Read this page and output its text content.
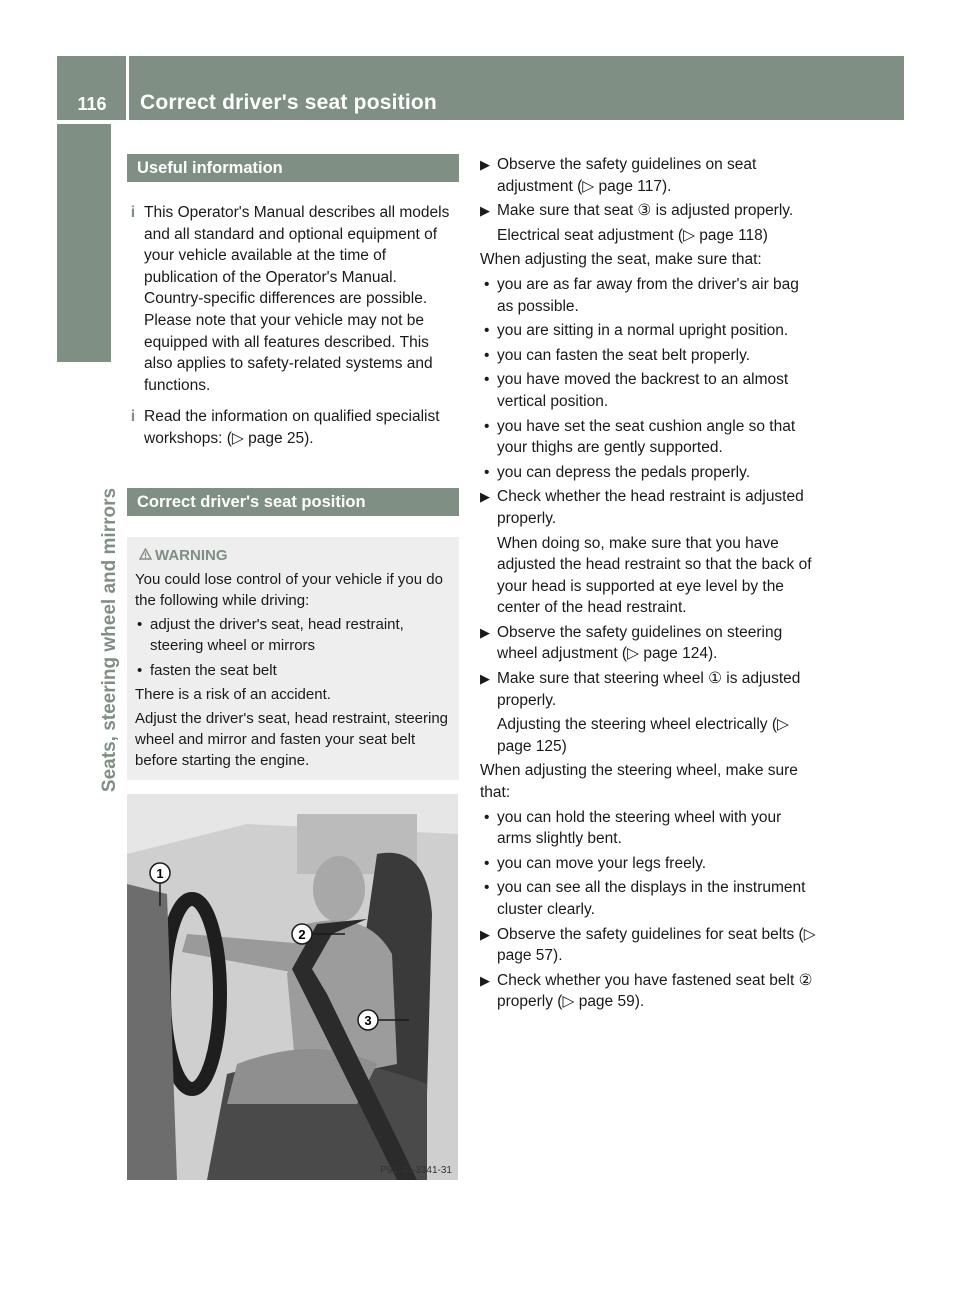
116	Correct driver's seat position
Seats, steering wheel and mirrors
Useful information
i This Operator's Manual describes all models and all standard and optional equipment of your vehicle available at the time of publication of the Operator's Manual. Country-specific differences are possible. Please note that your vehicle may not be equipped with all features described. This also applies to safety-related systems and functions.
i Read the information on qualified specialist workshops: (▷ page 25).
Correct driver's seat position
WARNING
You could lose control of your vehicle if you do the following while driving:
• adjust the driver's seat, head restraint, steering wheel or mirrors
• fasten the seat belt
There is a risk of an accident.
Adjust the driver's seat, head restraint, steering wheel and mirror and fasten your seat belt before starting the engine.
1
2
3
P91.40-3341-31
▶ Observe the safety guidelines on seat adjustment (▷ page 117).
▶ Make sure that seat ③ is adjusted properly.
Electrical seat adjustment (▷ page 118)
When adjusting the seat, make sure that:
• you are as far away from the driver's air bag as possible.
• you are sitting in a normal upright position.
• you can fasten the seat belt properly.
• you have moved the backrest to an almost vertical position.
• you have set the seat cushion angle so that your thighs are gently supported.
• you can depress the pedals properly.
▶ Check whether the head restraint is adjusted properly.
When doing so, make sure that you have adjusted the head restraint so that the back of your head is supported at eye level by the center of the head restraint.
▶ Observe the safety guidelines on steering wheel adjustment (▷ page 124).
▶ Make sure that steering wheel ① is adjusted properly.
Adjusting the steering wheel electrically (▷ page 125)
When adjusting the steering wheel, make sure that:
• you can hold the steering wheel with your arms slightly bent.
• you can move your legs freely.
• you can see all the displays in the instrument cluster clearly.
▶ Observe the safety guidelines for seat belts (▷ page 57).
▶ Check whether you have fastened seat belt ② properly (▷ page 59).
